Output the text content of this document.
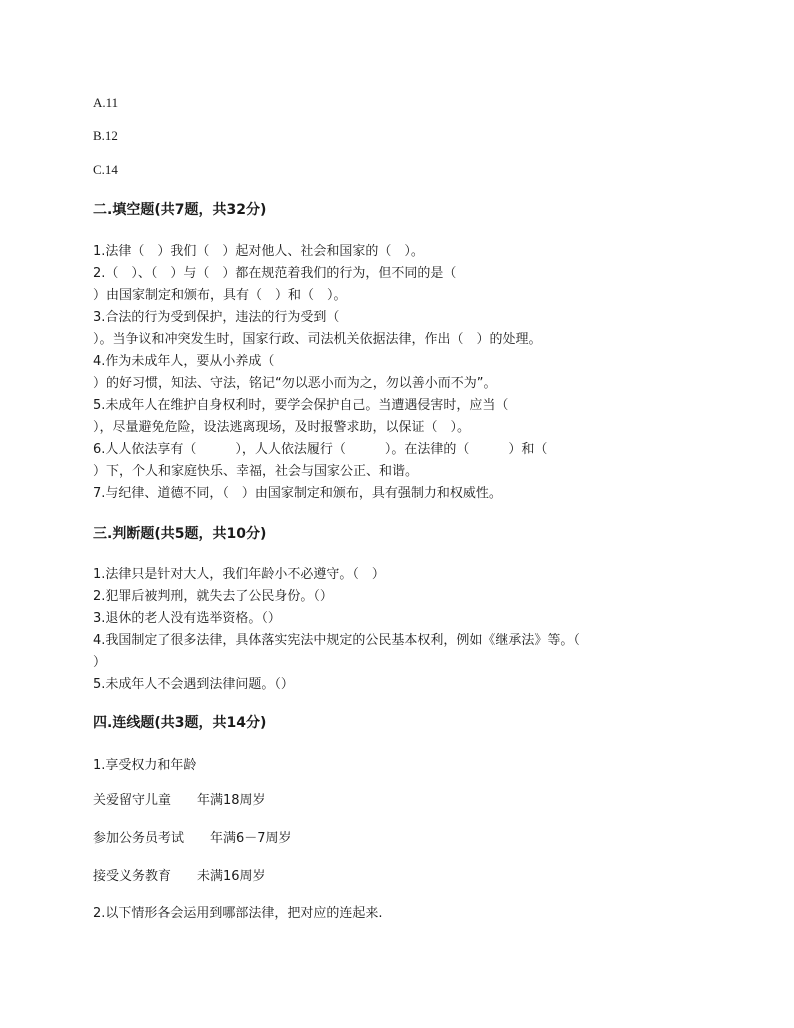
A.11
B.12
C.14
二.填空题(共7题，共32分)
1.法律（　）我们（　）起对他人、社会和国家的（　）。
2.（　）、（　）与（　）都在规范着我们的行为，但不同的是（
）由国家制定和颁布，具有（　）和（　）。
3.合法的行为受到保护，违法的行为受到（
）。当争议和冲突发生时，国家行政、司法机关依据法律，作出（　）的处理。
4.作为未成年人，要从小养成（
）的好习惯，知法、守法，铭记“勿以恶小而为之，勿以善小而不为”。
5.未成年人在维护自身权利时，要学会保护自己。当遭遇侵害时，应当（
），尽量避免危险，设法逃离现场，及时报警求助，以保证（　）。
6.人人依法享有（　　　），人人依法履行（　　　）。在法律的（　　　）和（
）下，个人和家庭快乐、幸福，社会与国家公正、和谐。
7.与纪律、道德不同，（　）由国家制定和颁布，具有强制力和权威性。
三.判断题(共5题，共10分)
1.法律只是针对大人，我们年龄小不必遵守。（　）
2.犯罪后被判刑，就失去了公民身份。（）
3.退休的老人没有选举资格。（）
4.我国制定了很多法律，具体落实宪法中规定的公民基本权利，例如《继承法》等。（
）
5.未成年人不会遇到法律问题。（）
四.连线题(共3题，共14分)
1.享受权力和年龄
关爱留守儿童　　年满18周岁
参加公务员考试　　年满6－7周岁
接受义务教育　　未满16周岁
2.以下情形各会运用到哪部法律，把对应的连起来.
